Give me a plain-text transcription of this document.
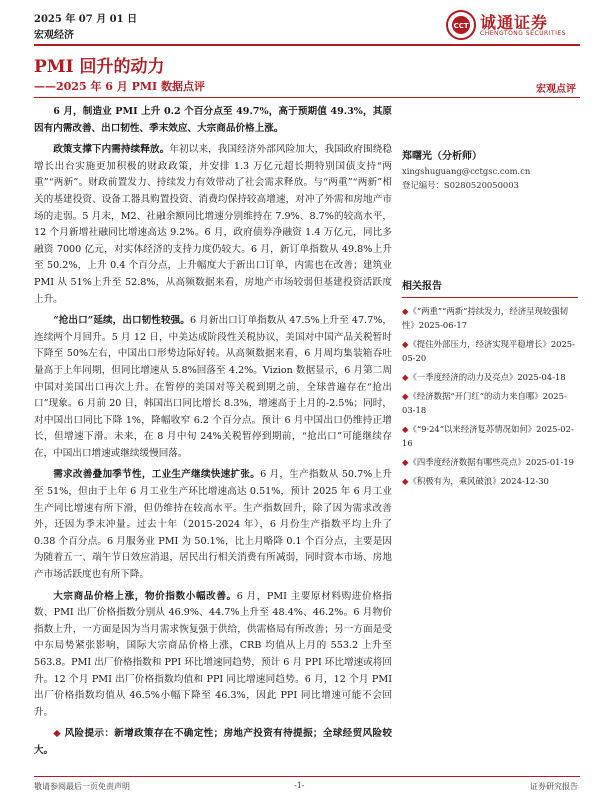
2025 年 07 月 01 日
宏观经济
CCT 诚通证券
CHENGTONG SECURITIES
PMI 回升的动力
——2025 年 6 月 PMI 数据点评	宏观点评

6 月，制造业 PMI 上升 0.2 个百分点至 49.7%，高于预期值 49.3%，其原因有内需改善、出口韧性、季末效应、大宗商品价格上涨。

政策支撑下内需持续释放。年初以来，我国经济外部风险加大，我国政府围绕稳增长出台实施更加积极的财政政策，并安排 1.3 万亿元超长期特别国债支持“两重”“两新”。财政前置发力、持续发力有效带动了社会需求释放。与“两重”“两新”相关的基建投资、设备工器具购置投资、消费均保持较高增速，对冲了外需和房地产市场的走弱。5 月末，M2、社融余额同比增速分别维持在 7.9%、8.7%的较高水平，12 个月新增社融同比增速高达 9.2%。6 月，政府债券净融资 1.4 万亿元，同比多融资 7000 亿元，对实体经济的支持力度仍较大。6 月，新订单指数从 49.8%上升至 50.2%，上升 0.4 个百分点，上升幅度大于新出口订单，内需也在改善；建筑业 PMI 从 51%上升至 52.8%，从高频数据来看，房地产市场较弱但基建投资活跃度上升。

“抢出口”延续，出口韧性较强。6 月新出口订单指数从 47.5%上升至 47.7%，连续两个月回升。5 月 12 日，中美达成阶段性关税协议，美国对中国产品关税暂时下降至 50%左右，中国出口形势边际好转。从高频数据来看，6 月周均集装箱吞吐量高于上年同期，但同比增速从 5.8%回落至 4.2%。Vizion 数据显示，6 月第二周中国对美国出口再次上升。在暂停的美国对等关税到期之前，全球普遍存在“抢出口”现象。6 月前 20 日，韩国出口同比增长 8.3%，增速高于上月的-2.5%；同时，对中国出口同比下降 1%，降幅收窄 6.2 个百分点。预计 6 月中国出口仍维持正增长，但增速下滑。未来，在 8 月中旬 24%关税暂停到期前，“抢出口”可能继续存在，中国出口增速或继续缓慢回落。

需求改善叠加季节性，工业生产继续快速扩张。6 月，生产指数从 50.7%上升至 51%，但由于上年 6 月工业生产环比增速高达 0.51%，预计 2025 年 6 月工业生产同比增速有所下滑，但仍维持在较高水平。生产指数回升，除了因为需求改善外，还因为季末冲量。过去十年（2015-2024 年），6 月份生产指数平均上升了 0.38 个百分点。6 月服务业 PMI 为 50.1%，比上月略降 0.1 个百分点，主要是因为随着五一、端午节日效应消退，居民出行相关消费有所减弱，同时资本市场、房地产市场活跃度也有所下降。

大宗商品价格上涨，物价指数小幅改善。6 月，PMI 主要原材料购进价格指数、PMI 出厂价格指数分别从 46.9%、44.7%上升至 48.4%、46.2%。6 月物价指数上升，一方面是因为当月需求恢复强于供给，供需格局有所改善；另一方面是受中东局势紧张影响，国际大宗商品价格上涨，CRB 均值从上月的 553.2 上升至 563.8。PMI 出厂价格指数和 PPI 环比增速同趋势，预计 6 月 PPI 环比增速或将回升。12 个月 PMI 出厂价格指数均值和 PPI 同比增速同趋势。6 月，12 个月 PMI 出厂价格指数均值从 46.5%小幅下降至 46.3%，因此 PPI 同比增速可能不会回升。

◆ 风险提示：新增政策存在不确定性；房地产投资有待提振；全球经贸风险较大。

郑曙光（分析师）
xingshuguang@cctgsc.com.cn
登记编号：S0280520050003
相关报告
◆《“两重”“两新”持续发力，经济呈现较强韧性》2025-06-17
◆《提住外部压力，经济实现平稳增长》2025-05-20
◆《一季度经济的动力及亮点》2025-04-18
◆《经济数据“开门红”的动力来自哪》2025-03-18
◆《“9·24”以来经济复苏情况如何》2025-02-16
◆《四季度经济数据有哪些亮点》2025-01-19
◆《积极有为，乘风破浪》2024-12-30
敬请参阅最后一页免责声明	-1-	证券研究报告
